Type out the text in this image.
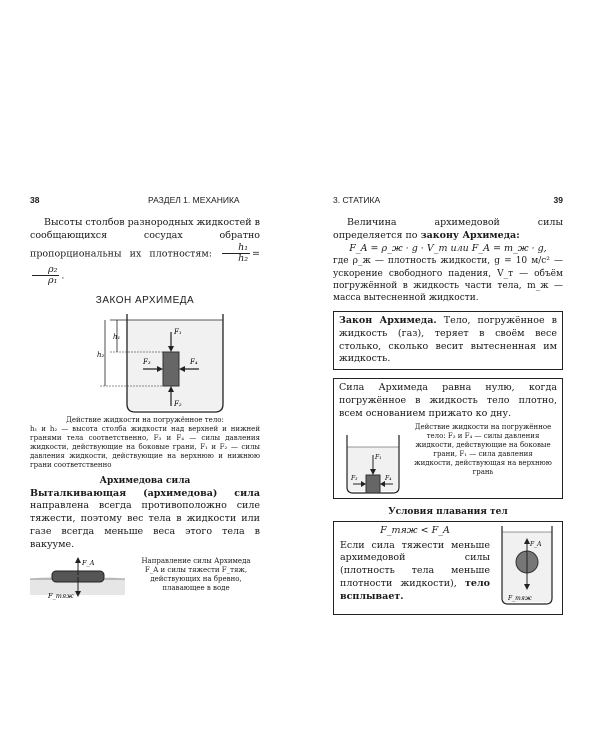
38	РАЗДЕЛ 1. МЕХАНИКА
Высоты столбов разнородных жидкостей в сообщающихся сосудах обратно пропорциональны их плотностям: $\frac{\text{h₁}}{\text{h₂}}$ =
$\frac{\text{ρ₂}}{\text{ρ₁}}$ .
ЗАКОН АРХИМЕДА
h₁
h₂
F₁
F₂
F₃	F₄
Действие жидкости на погружённое тело:
h₁ и h₂ — высота столба жидкости над верхней и нижней гранями тела соответственно, F₃ и F₄ — силы давления жидкости, действующие на боковые грани, F₁ и F₂ — силы давления жидкости, действующие на верхнюю и нижнюю грани соответственно
Архимедова сила
Выталкивающая (архимедова) сила направлена всегда противоположно силе тяжести, поэтому вес тела в жидкости или газе всегда меньше веса этого тела в вакууме.
F_A
F_тяж
Направление силы Архимеда F_A и силы тяжести F_тяж, действующих на бревно, плавающее в воде
3. СТАТИКА	39
Величина архимедовой силы определяется по закону Архимеда:
F_A = ρ_ж · g · V_т или F_A = m_ж · g,
где ρ_ж — плотность жидкости, g = 10 м/с² — ускорение свободного падения, V_т — объём погружённой в жидкость части тела, m_ж — масса вытесненной жидкости.
Закон Архимеда. Тело, погружённое в жидкость (газ), теряет в своём весе столько, сколько весит вытесненная им жидкость.
Сила Архимеда равна нулю, когда погружённое в жидкость тело плотно, всем основанием прижато ко дну.
F₁
F₃	F₄
Действие жидкости на погружённое тело: F₃ и F₄ — силы давления жидкости, действующие на боковые грани, F₁ — сила давления жидкости, действующая на верхнюю грань
Условия плавания тел
F_тяж < F_A
Если сила тяжести меньше архимедовой силы (плотность тела меньше плотности жидкости), тело всплывает.
F_A
F_тяж
